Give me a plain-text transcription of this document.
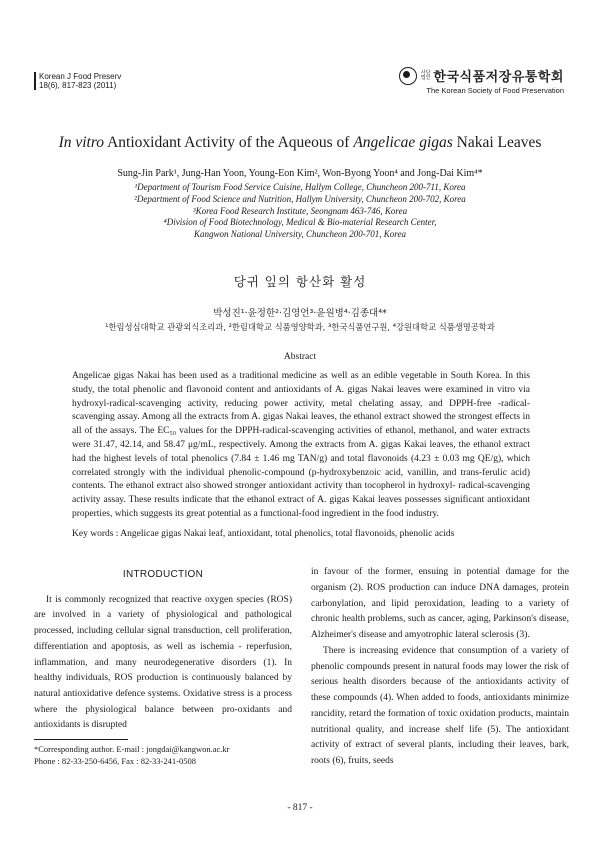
Korean J Food Preserv
18(6), 817-823 (2011)
사단법인 한국식품저장유통학회
The Korean Society of Food Preservation
In vitro Antioxidant Activity of the Aqueous of Angelicae gigas Nakai Leaves
Sung-Jin Park¹, Jung-Han Yoon, Young-Eon Kim², Won-Byong Yoon⁴ and Jong-Dai Kim⁴*
¹Department of Tourism Food Service Cuisine, Hallym College, Chuncheon 200-711, Korea
²Department of Food Science and Nutrition, Hallym University, Chuncheon 200-702, Korea
³Korea Food Research Institute, Seongnam 463-746, Korea
⁴Division of Food Biotechnology, Medical & Bio-material Research Center,
Kangwon National University, Chuncheon 200-701, Korea
당귀 잎의 항산화 활성
박성진¹·윤정한²·김영언³·윤원병⁴·김종대⁴*
¹한림성심대학교 관광외식조리과, ²한림대학교 식품영양학과, ³한국식품연구원, ⁴강원대학교 식품생명공학과
Abstract
Angelicae gigas Nakai has been used as a traditional medicine as well as an edible vegetable in South Korea. In this study, the total phenolic and flavonoid content and antioxidants of A. gigas Nakai leaves were examined in vitro via hydroxyl-radical-scavenging activity, reducing power activity, metal chelating assay, and DPPH-free -radical-scavenging assay. Among all the extracts from A. gigas Nakai leaves, the ethanol extract showed the strongest effects in all of the assays. The EC₅₀ values for the DPPH-radical-scavenging activities of ethanol, methanol, and water extracts were 31.47, 42.14, and 58.47 μg/mL, respectively. Among the extracts from A. gigas Kakai leaves, the ethanol extract had the highest levels of total phenolics (7.84 ± 1.46 mg TAN/g) and total flavonoids (4.23 ± 0.03 mg QE/g), which correlated strongly with the individual phenolic-compound (p-hydroxybenzoic acid, vanillin, and trans-ferulic acid) contents. The ethanol extract also showed stronger antioxidant activity than tocopherol in hydroxyl- radical-scavenging activity assay. These results indicate that the ethanol extract of A. gigas Kakai leaves possesses significant antioxidant properties, which suggests its great potential as a functional-food ingredient in the food industry.
Key words : Angelicae gigas Nakai leaf, antioxidant, total phenolics, total flavonoids, phenolic acids
INTRODUCTION

It is commonly recognized that reactive oxygen species (ROS) are involved in a variety of physiological and pathological processed, including cellular signal transduction, cell proliferation, differentiation and apoptosis, as well as ischemia - reperfusion, inflammation, and many neurodegenerative disorders (1). In healthy individuals, ROS production is continuously balanced by natural antioxidative defence systems. Oxidative stress is a process where the physiological balance between pro-oxidants and antioxidants is disrupted

in favour of the former, ensuing in potential damage for the organism (2). ROS production can induce DNA damages, protein carbonylation, and lipid peroxidation, leading to a variety of chronic health problems, such as cancer, aging, Parkinson's disease, Alzheimer's disease and amyotrophic lateral sclerosis (3).

There is increasing evidence that consumption of a variety of phenolic compounds present in natural foods may lower the risk of serious health disorders because of the antioxidants activity of these compounds (4). When added to foods, antioxidants minimize rancidity, retard the formation of toxic oxidation products, maintain nutritional quality, and increase shelf life (5). The antioxidant activity of extract of several plants, including their leaves, bark, roots (6), fruits, seeds

*Corresponding author. E-mail : jongdai@kangwon.ac.kr
Phone : 82-33-250-6456, Fax : 82-33-241-0508
- 817 -
